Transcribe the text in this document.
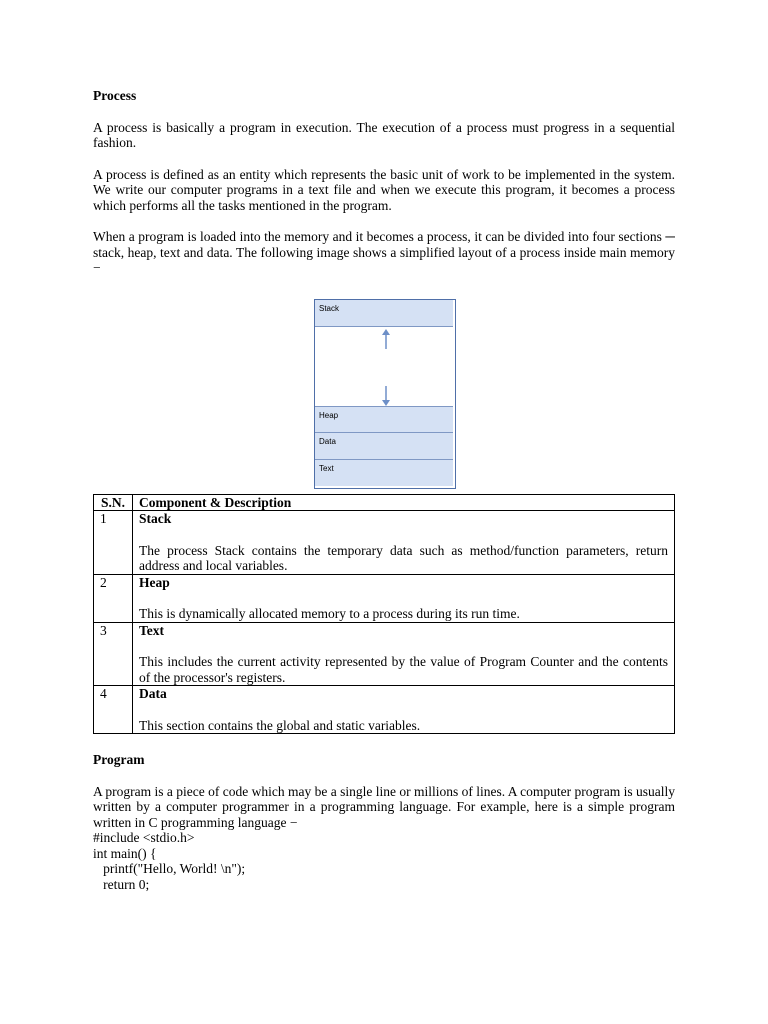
Process

A process is basically a program in execution. The execution of a process must progress in a sequential fashion.

A process is defined as an entity which represents the basic unit of work to be implemented in the system. We write our computer programs in a text file and when we execute this program, it becomes a process which performs all the tasks mentioned in the program.

When a program is loaded into the memory and it becomes a process, it can be divided into four sections ─ stack, heap, text and data. The following image shows a simplified layout of a process inside main memory −

Stack
Heap
Data
Text
S.N.	Component & Description
1	Stack

The process Stack contains the temporary data such as method/function parameters, return address and local variables.

2	Heap

This is dynamically allocated memory to a process during its run time.

3	Text

This includes the current activity represented by the value of Program Counter and the contents of the processor's registers.

4	Data

This section contains the global and static variables.

Program

A program is a piece of code which may be a single line or millions of lines. A computer program is usually written by a computer programmer in a programming language. For example, here is a simple program written in C programming language −

#include <stdio.h>

int main() {

printf("Hello, World! \n");

return 0;
